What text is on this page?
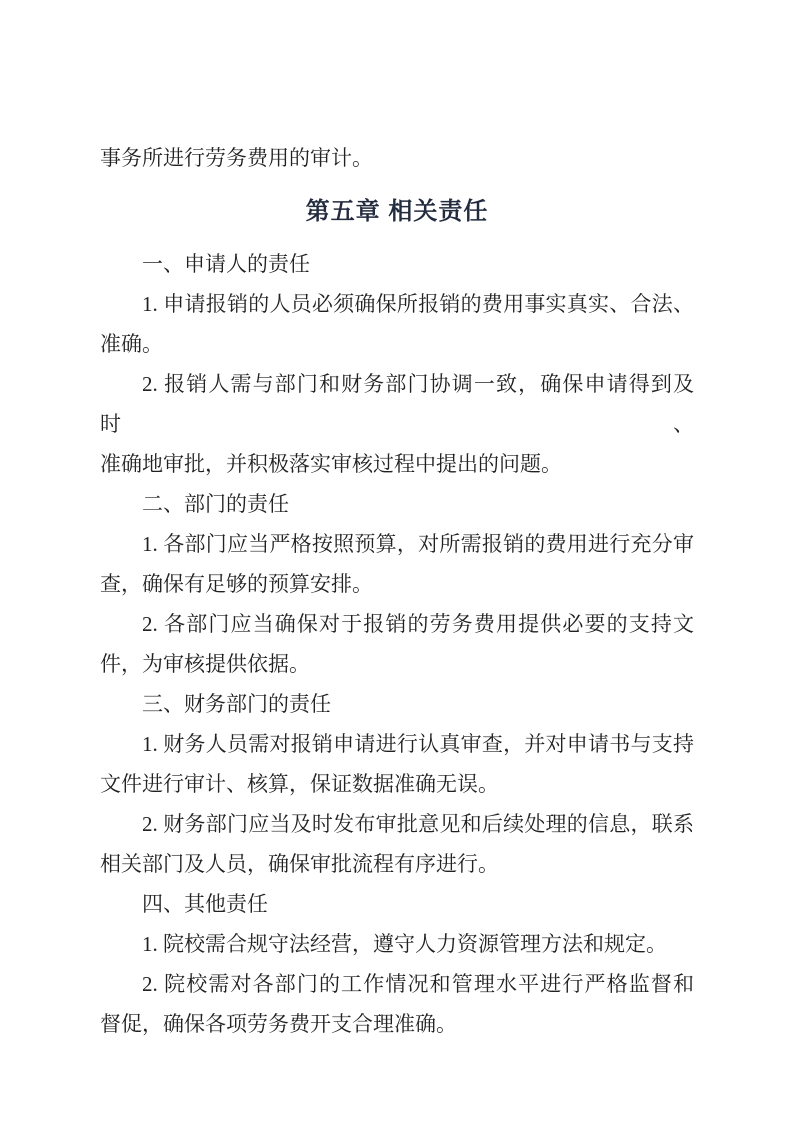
事务所进行劳务费用的审计。

第五章 相关责任
一、申请人的责任
1. 申请报销的人员必须确保所报销的费用事实真实、合法、
准确。
2. 报销人需与部门和财务部门协调一致，确保申请得到及时、
准确地审批，并积极落实审核过程中提出的问题。
二、部门的责任
1. 各部门应当严格按照预算，对所需报销的费用进行充分审
查，确保有足够的预算安排。
2. 各部门应当确保对于报销的劳务费用提供必要的支持文
件，为审核提供依据。
三、财务部门的责任
1. 财务人员需对报销申请进行认真审查，并对申请书与支持
文件进行审计、核算，保证数据准确无误。
2. 财务部门应当及时发布审批意见和后续处理的信息，联系
相关部门及人员，确保审批流程有序进行。
四、其他责任
1. 院校需合规守法经营，遵守人力资源管理方法和规定。
2. 院校需对各部门的工作情况和管理水平进行严格监督和
督促，确保各项劳务费开支合理准确。
